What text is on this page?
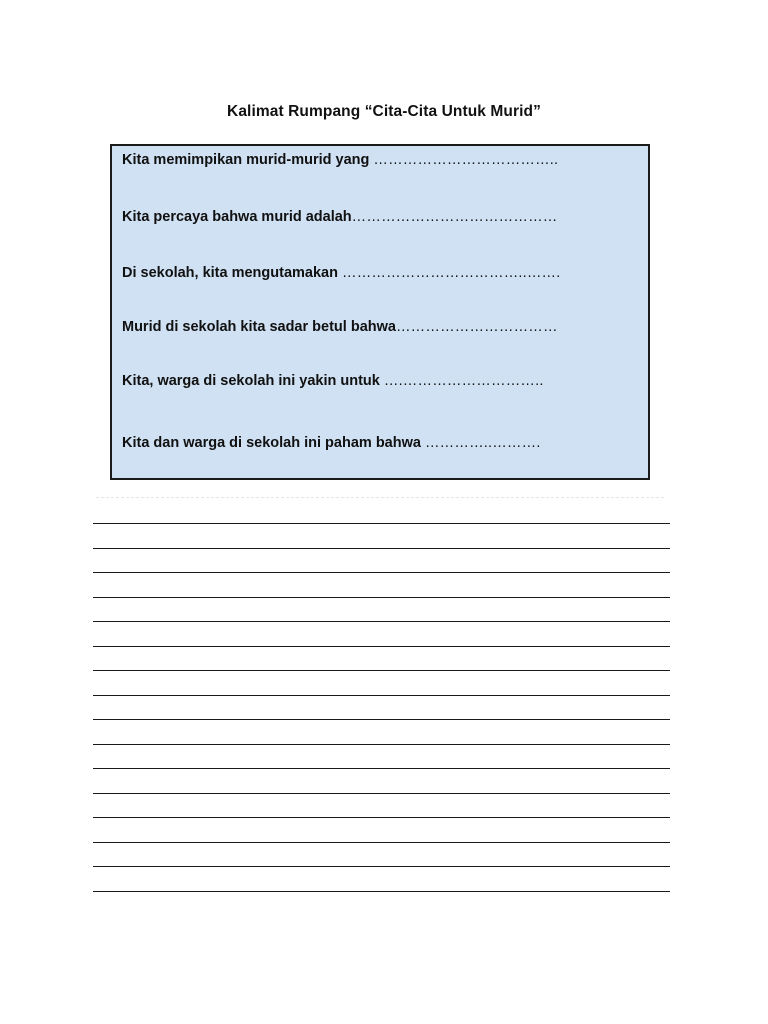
Kalimat Rumpang “Cita-Cita Untuk Murid”
Kita memimpikan murid-murid yang ………………………………..
Kita percaya bahwa murid adalah……………………………………
Di sekolah, kita mengutamakan ………………………………..…….
Murid di sekolah kita sadar betul bahwa……………………………
Kita, warga di sekolah ini yakin untuk ….………………………..
Kita dan warga di sekolah ini paham bahwa …………..……….
